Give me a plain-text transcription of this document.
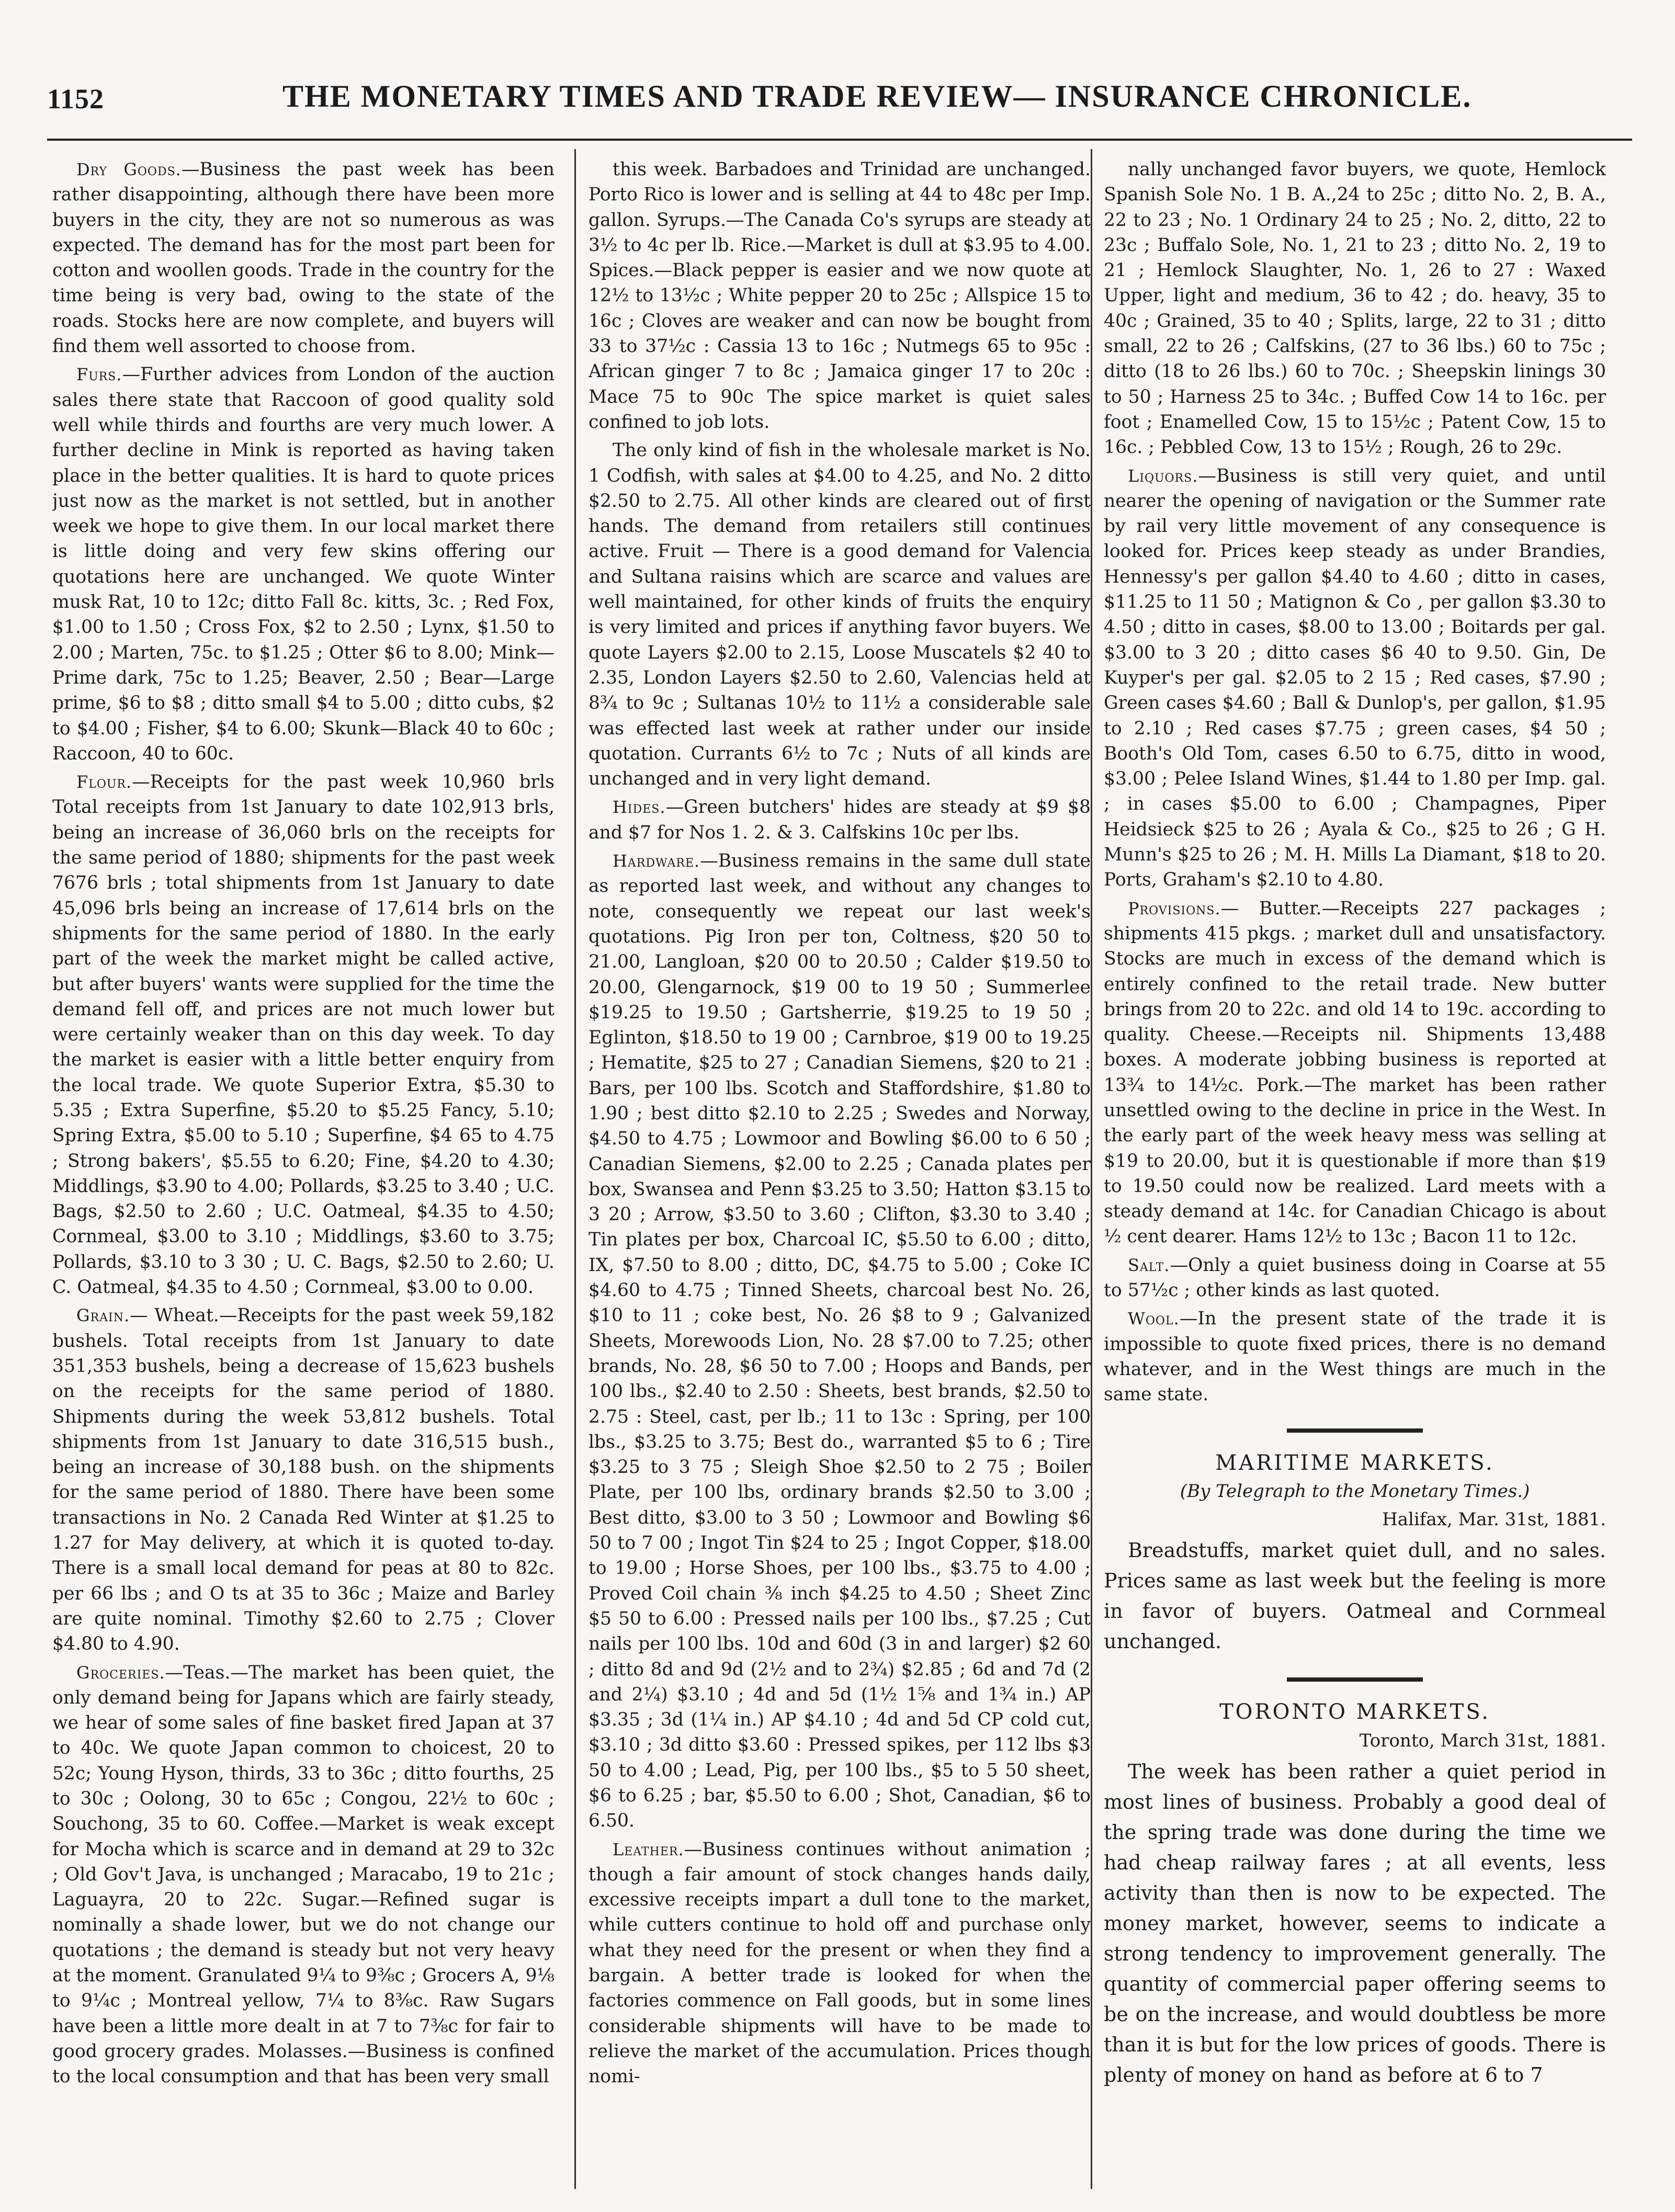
1152	THE MONETARY TIMES AND TRADE REVIEW— INSURANCE CHRONICLE.

Dry Goods.—Business the past week has been rather disappointing, although there have been more buyers in the city, they are not so numerous as was expected. The demand has for the most part been for cotton and woollen goods. Trade in the country for the time being is very bad, owing to the state of the roads. Stocks here are now complete, and buyers will find them well assorted to choose from.

Furs.—Further advices from London of the auction sales there state that Raccoon of good quality sold well while thirds and fourths are very much lower. A further decline in Mink is reported as having taken place in the better qualities. It is hard to quote prices just now as the market is not settled, but in another week we hope to give them. In our local market there is little doing and very few skins offering our quotations here are unchanged. We quote Winter musk Rat, 10 to 12c; ditto Fall 8c. kitts, 3c. ; Red Fox, $1.00 to 1.50 ; Cross Fox, $2 to 2.50 ; Lynx, $1.50 to 2.00 ; Marten, 75c. to $1.25 ; Otter $6 to 8.00; Mink—Prime dark, 75c to 1.25; Beaver, 2.50 ; Bear—Large prime, $6 to $8 ; ditto small $4 to 5.00 ; ditto cubs, $2 to $4.00 ; Fisher, $4 to 6.00; Skunk—Black 40 to 60c ; Raccoon, 40 to 60c.

Flour.—Receipts for the past week 10,960 brls Total receipts from 1st January to date 102,913 brls, being an increase of 36,060 brls on the receipts for the same period of 1880; shipments for the past week 7676 brls ; total shipments from 1st January to date 45,096 brls being an increase of 17,614 brls on the shipments for the same period of 1880. In the early part of the week the market might be called active, but after buyers' wants were supplied for the time the demand fell off, and prices are not much lower but were certainly weaker than on this day week. To day the market is easier with a little better enquiry from the local trade. We quote Superior Extra, $5.30 to 5.35 ; Extra Superfine, $5.20 to $5.25 Fancy, 5.10; Spring Extra, $5.00 to 5.10 ; Superfine, $4 65 to 4.75 ; Strong bakers', $5.55 to 6.20; Fine, $4.20 to 4.30; Middlings, $3.90 to 4.00; Pollards, $3.25 to 3.40 ; U.C. Bags, $2.50 to 2.60 ; U.C. Oatmeal, $4.35 to 4.50; Cornmeal, $3.00 to 3.10 ; Middlings, $3.60 to 3.75; Pollards, $3.10 to 3 30 ; U. C. Bags, $2.50 to 2.60; U. C. Oatmeal, $4.35 to 4.50 ; Cornmeal, $3.00 to 0.00.

Grain.— Wheat.—Receipts for the past week 59,182 bushels. Total receipts from 1st January to date 351,353 bushels, being a decrease of 15,623 bushels on the receipts for the same period of 1880. Shipments during the week 53,812 bushels. Total shipments from 1st January to date 316,515 bush., being an increase of 30,188 bush. on the shipments for the same period of 1880. There have been some transactions in No. 2 Canada Red Winter at $1.25 to 1.27 for May delivery, at which it is quoted to-day. There is a small local demand for peas at 80 to 82c. per 66 lbs ; and O ts at 35 to 36c ; Maize and Barley are quite nominal. Timothy $2.60 to 2.75 ; Clover $4.80 to 4.90.

Groceries.—Teas.—The market has been quiet, the only demand being for Japans which are fairly steady, we hear of some sales of fine basket fired Japan at 37 to 40c. We quote Japan common to choicest, 20 to 52c; Young Hyson, thirds, 33 to 36c ; ditto fourths, 25 to 30c ; Oolong, 30 to 65c ; Congou, 22½ to 60c ; Souchong, 35 to 60. Coffee.—Market is weak except for Mocha which is scarce and in demand at 29 to 32c ; Old Gov't Java, is unchanged ; Maracabo, 19 to 21c ; Laguayra, 20 to 22c. Sugar.—Refined sugar is nominally a shade lower, but we do not change our quotations ; the demand is steady but not very heavy at the moment. Granulated 9¼ to 9⅜c ; Grocers A, 9⅛ to 9¼c ; Montreal yellow, 7¼ to 8⅜c. Raw Sugars have been a little more dealt in at 7 to 7⅜c for fair to good grocery grades. Molasses.—Business is confined to the local consumption and that has been very small

this week. Barbadoes and Trinidad are unchanged. Porto Rico is lower and is selling at 44 to 48c per Imp. gallon. Syrups.—The Canada Co's syrups are steady at 3½ to 4c per lb. Rice.—Market is dull at $3.95 to 4.00. Spices.—Black pepper is easier and we now quote at 12½ to 13½c ; White pepper 20 to 25c ; Allspice 15 to 16c ; Cloves are weaker and can now be bought from 33 to 37½c : Cassia 13 to 16c ; Nutmegs 65 to 95c : African ginger 7 to 8c ; Jamaica ginger 17 to 20c : Mace 75 to 90c The spice market is quiet sales confined to job lots.

The only kind of fish in the wholesale market is No. 1 Codfish, with sales at $4.00 to 4.25, and No. 2 ditto $2.50 to 2.75. All other kinds are cleared out of first hands. The demand from retailers still continues active. Fruit — There is a good demand for Valencia and Sultana raisins which are scarce and values are well maintained, for other kinds of fruits the enquiry is very limited and prices if anything favor buyers. We quote Layers $2.00 to 2.15, Loose Muscatels $2 40 to 2.35, London Layers $2.50 to 2.60, Valencias held at 8¾ to 9c ; Sultanas 10½ to 11½ a considerable sale was effected last week at rather under our inside quotation. Currants 6½ to 7c ; Nuts of all kinds are unchanged and in very light demand.

Hides.—Green butchers' hides are steady at $9 $8 and $7 for Nos 1. 2. & 3. Calfskins 10c per lbs.

Hardware.—Business remains in the same dull state as reported last week, and without any changes to note, consequently we repeat our last week's quotations. Pig Iron per ton, Coltness, $20 50 to 21.00, Langloan, $20 00 to 20.50 ; Calder $19.50 to 20.00, Glengarnock, $19 00 to 19 50 ; Summerlee $19.25 to 19.50 ; Gartsherrie, $19.25 to 19 50 ; Eglinton, $18.50 to 19 00 ; Carnbroe, $19 00 to 19.25 ; Hematite, $25 to 27 ; Canadian Siemens, $20 to 21 : Bars, per 100 lbs. Scotch and Staffordshire, $1.80 to 1.90 ; best ditto $2.10 to 2.25 ; Swedes and Norway, $4.50 to 4.75 ; Lowmoor and Bowling $6.00 to 6 50 ; Canadian Siemens, $2.00 to 2.25 ; Canada plates per box, Swansea and Penn $3.25 to 3.50; Hatton $3.15 to 3 20 ; Arrow, $3.50 to 3.60 ; Clifton, $3.30 to 3.40 ; Tin plates per box, Charcoal IC, $5.50 to 6.00 ; ditto, IX, $7.50 to 8.00 ; ditto, DC, $4.75 to 5.00 ; Coke IC $4.60 to 4.75 ; Tinned Sheets, charcoal best No. 26, $10 to 11 ; coke best, No. 26 $8 to 9 ; Galvanized Sheets, Morewoods Lion, No. 28 $7.00 to 7.25; other brands, No. 28, $6 50 to 7.00 ; Hoops and Bands, per 100 lbs., $2.40 to 2.50 : Sheets, best brands, $2.50 to 2.75 : Steel, cast, per lb.; 11 to 13c : Spring, per 100 lbs., $3.25 to 3.75; Best do., warranted $5 to 6 ; Tire $3.25 to 3 75 ; Sleigh Shoe $2.50 to 2 75 ; Boiler Plate, per 100 lbs, ordinary brands $2.50 to 3.00 ; Best ditto, $3.00 to 3 50 ; Lowmoor and Bowling $6 50 to 7 00 ; Ingot Tin $24 to 25 ; Ingot Copper, $18.00 to 19.00 ; Horse Shoes, per 100 lbs., $3.75 to 4.00 ; Proved Coil chain ⅜ inch $4.25 to 4.50 ; Sheet Zinc $5 50 to 6.00 : Pressed nails per 100 lbs., $7.25 ; Cut nails per 100 lbs. 10d and 60d (3 in and larger) $2 60 ; ditto 8d and 9d (2½ and to 2¾) $2.85 ; 6d and 7d (2 and 2¼) $3.10 ; 4d and 5d (1½ 1⅝ and 1¾ in.) AP $3.35 ; 3d (1¼ in.) AP $4.10 ; 4d and 5d CP cold cut, $3.10 ; 3d ditto $3.60 : Pressed spikes, per 112 lbs $3 50 to 4.00 ; Lead, Pig, per 100 lbs., $5 to 5 50 sheet, $6 to 6.25 ; bar, $5.50 to 6.00 ; Shot, Canadian, $6 to 6.50.

Leather.—Business continues without animation ; though a fair amount of stock changes hands daily, excessive receipts impart a dull tone to the market, while cutters continue to hold off and purchase only what they need for the present or when they find a bargain. A better trade is looked for when the factories commence on Fall goods, but in some lines considerable shipments will have to be made to relieve the market of the accumulation. Prices though nomi-

nally unchanged favor buyers, we quote, Hemlock Spanish Sole No. 1 B. A.,24 to 25c ; ditto No. 2, B. A., 22 to 23 ; No. 1 Ordinary 24 to 25 ; No. 2, ditto, 22 to 23c ; Buffalo Sole, No. 1, 21 to 23 ; ditto No. 2, 19 to 21 ; Hemlock Slaughter, No. 1, 26 to 27 : Waxed Upper, light and medium, 36 to 42 ; do. heavy, 35 to 40c ; Grained, 35 to 40 ; Splits, large, 22 to 31 ; ditto small, 22 to 26 ; Calfskins, (27 to 36 lbs.) 60 to 75c ; ditto (18 to 26 lbs.) 60 to 70c. ; Sheepskin linings 30 to 50 ; Harness 25 to 34c. ; Buffed Cow 14 to 16c. per foot ; Enamelled Cow, 15 to 15½c ; Patent Cow, 15 to 16c. ; Pebbled Cow, 13 to 15½ ; Rough, 26 to 29c.

Liquors.—Business is still very quiet, and until nearer the opening of navigation or the Summer rate by rail very little movement of any consequence is looked for. Prices keep steady as under Brandies, Hennessy's per gallon $4.40 to 4.60 ; ditto in cases, $11.25 to 11 50 ; Matignon & Co , per gallon $3.30 to 4.50 ; ditto in cases, $8.00 to 13.00 ; Boitards per gal. $3.00 to 3 20 ; ditto cases $6 40 to 9.50. Gin, De Kuyper's per gal. $2.05 to 2 15 ; Red cases, $7.90 ; Green cases $4.60 ; Ball & Dunlop's, per gallon, $1.95 to 2.10 ; Red cases $7.75 ; green cases, $4 50 ; Booth's Old Tom, cases 6.50 to 6.75, ditto in wood, $3.00 ; Pelee Island Wines, $1.44 to 1.80 per Imp. gal. ; in cases $5.00 to 6.00 ; Champagnes, Piper Heidsieck $25 to 26 ; Ayala & Co., $25 to 26 ; G H. Munn's $25 to 26 ; M. H. Mills La Diamant, $18 to 20. Ports, Graham's $2.10 to 4.80.

Provisions.— Butter.—Receipts 227 packages ; shipments 415 pkgs. ; market dull and unsatisfactory. Stocks are much in excess of the demand which is entirely confined to the retail trade. New butter brings from 20 to 22c. and old 14 to 19c. according to quality. Cheese.—Receipts nil. Shipments 13,488 boxes. A moderate jobbing business is reported at 13¾ to 14½c. Pork.—The market has been rather unsettled owing to the decline in price in the West. In the early part of the week heavy mess was selling at $19 to 20.00, but it is questionable if more than $19 to 19.50 could now be realized. Lard meets with a steady demand at 14c. for Canadian Chicago is about ½ cent dearer. Hams 12½ to 13c ; Bacon 11 to 12c.

Salt.—Only a quiet business doing in Coarse at 55 to 57½c ; other kinds as last quoted.

Wool.—In the present state of the trade it is impossible to quote fixed prices, there is no demand whatever, and in the West things are much in the same state.

MARITIME MARKETS.

(By Telegraph to the Monetary Times.)

Halifax, Mar. 31st, 1881.

Breadstuffs, market quiet dull, and no sales. Prices same as last week but the feeling is more in favor of buyers. Oatmeal and Cornmeal unchanged.

TORONTO MARKETS.

Toronto, March 31st, 1881.

The week has been rather a quiet period in most lines of business. Probably a good deal of the spring trade was done during the time we had cheap railway fares ; at all events, less activity than then is now to be expected. The money market, however, seems to indicate a strong tendency to improvement generally. The quantity of commercial paper offering seems to be on the increase, and would doubtless be more than it is but for the low prices of goods. There is plenty of money on hand as before at 6 to 7
